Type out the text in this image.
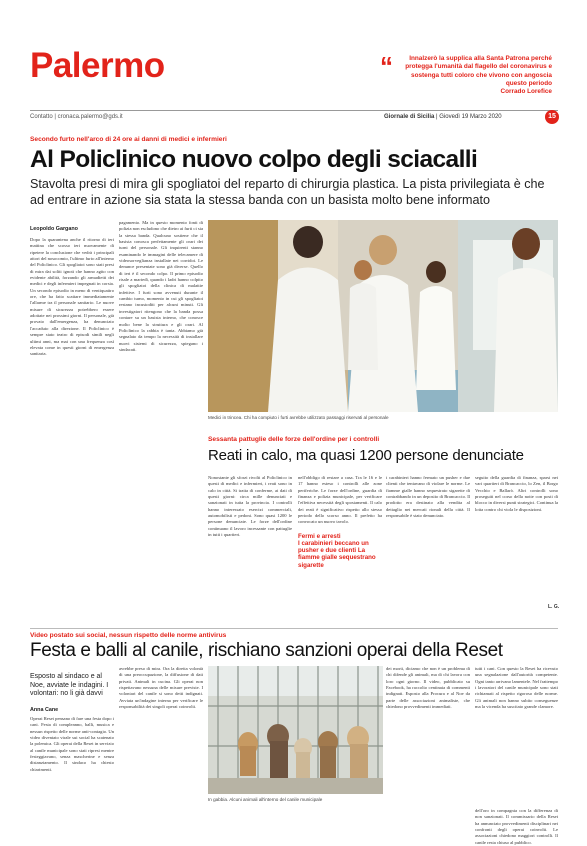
Palermo	“	Innalzerò la supplica alla Santa Patrona perché protegga l'umanità dal flagello del coronavirus e sostenga tutti coloro che vivono con angoscia questo periodo
Corrado Lorefice
Contatto | cronaca.palermo@gds.it	Giornale di Sicilia | Giovedì 19 Marzo 2020	15
Secondo furto nell'arco di 24 ore ai danni di medici e infermieri
Al Policlinico nuovo colpo degli sciacalli
Stavolta presi di mira gli spogliatoi del reparto di chirurgia plastica. La pista privilegiata è che ad entrare in azione sia stata la stessa banda con un basista molto bene informato
Leopoldo Gargano
Dopo la quarantena anche il ritorno di ieri mattina che scosso ieri nuovamente di ripetere la conclusione che vedrà i principali attori del nosocomio, l'ultimo furto all'interno del Policlinico. Gli spogliatoi sono stati presi di mira dai soliti ignoti che hanno agito con evidente abilità, forzando gli armadietti dei medici e degli infermieri impegnati in corsia. Un secondo episodio in meno di ventiquattro ore, che ha fatto scattare immediatamente l'allarme tra il personale sanitario. Le nuove misure di sicurezza potrebbero essere adottate nei prossimi giorni. Il personale, già provato dall'emergenza, ha denunciato l'accaduto alla direzione. Il Policlinico è sempre stato teatro di episodi simili negli ultimi anni, ma mai con una frequenza così elevata come in questi giorni di emergenza sanitaria.
pagamento. Ma in questo momento fonti di polizia non escludono che dietro ai furti ci sia la stessa banda. Qualcuno sostiene che il basista conosca perfettamente gli orari dei turni del personale. Gli inquirenti stanno esaminando le immagini delle telecamere di videosorveglianza installate nei corridoi. Le denunce presentate sono già diverse. Quello di ieri è il secondo colpo. Il primo episodio risale a martedì, quando i ladri hanno colpito gli spogliatoi della clinica di malattie infettive. I furti sono avvenuti durante il cambio turno, momento in cui gli spogliatoi restano incustoditi per alcuni minuti. Gli investigatori ritengono che la banda possa contare su un basista interno, che conosce molto bene la struttura e gli orari. Al Policlinico la rabbia è tanta. Abbiamo già segnalato da tempo la necessità di installare nuovi sistemi di sicurezza, spiegano i sindacati.
Medici in trincea. Chi ha compiuto i furti avrebbe utilizzato passaggi riservati al personale
Sessanta pattuglie delle forze dell'ordine per i controlli
Reati in calo, ma quasi 1200 persone denunciate
Nonostante gli sforzi rivolti al Policlinico in questi di medici e infermieri, i reati sono in calo in città. Si tratta di conferme, ai dati di questi giorni: circa mille denunciati e sanzionati in tutta la provincia. I controlli hanno interessato esercizi commerciali, automobilisti e pedoni. Sono quasi 1200 le persone denunciate. Le forze dell'ordine continuano il lavoro incessante con pattuglie in tutti i quartieri.
nell'obbligo di restare a casa. Tra le 16 e le 17 hanno esteso i controlli alle zone periferiche. Le forze dell'ordine, guardia di finanza e polizia municipale, per verificare l'effettiva necessità degli spostamenti. Il calo dei reati è significativo rispetto allo stesso periodo dello scorso anno. Il prefetto ha convocato un nuovo tavolo.
Fermi e arresti
I carabinieri beccano un pusher e due clienti La fiamme gialle sequestrano sigarette
i carabinieri hanno fermato un pusher e due clienti che tentavano di violare le norme. Le fiamme gialle hanno sequestrato sigarette di contrabbando in un deposito di Brancaccio. Il prodotto era destinato alla vendita al dettaglio nei mercati rionali della città. Il responsabile è stato denunciato.
seguito della guardia di finanza, sparsi nei vari quartieri di Brancaccio, lo Zen, il Borgo Vecchio e Ballarò. Altri controlli sono proseguiti nel corso della notte con posti di blocco in diversi punti strategici. Continua la lotta contro chi viola le disposizioni.
L. G.
Video postato sui social, nessun rispetto delle norme antivirus
Festa e balli al canile, rischiano sanzioni operai della Reset
Esposto al sindaco e al Noe, avviate le indagini. I volontari: no li già davvi
Anna Cane
Operai Reset pensano di fare una festa dopo i cani. Festa di compleanno, balli, musica e nessun rispetto delle norme anti-contagio. Un video diventato virale sui social ha scatenato la polemica. Gli operai della Reset in servizio al canile municipale sono stati ripresi mentre festeggiavano, senza mascherine e senza distanziamento. Il sindaco ha chiesto chiarimenti.
avrebbe preso di mira. Ora la diretta volontà di una preoccupazione, la diffusione di dati privati. Animali in cucina. Gli operai non rispettavano nessuna delle misure previste. I volontari del canile si sono detti indignati. Avviata un'indagine interna per verificare le responsabilità dei singoli operai coinvolti.
In gabbia. Alcuni animali all'interno del canile municipale
dei morti, diciamo che non è un problema di chi difende gli animali, ma di chi lavora con loro ogni giorno. Il video, pubblicato su Facebook, ha raccolto centinaia di commenti indignati. Esposto alla Procura e al Noe da parte delle associazioni animaliste, che chiedono provvedimenti immediati.
tutti i cani. Con questo la Reset ha ricevuto una segnalazione dall'autorità competente. Ogni tanto arrivano lamentele. Nel frattempo i lavoratori del canile municipale sono stati richiamati al rispetto rigoroso delle norme. Gli animali non hanno subito conseguenze ma la vicenda ha suscitato grande clamore.
dell'oro in compagnia con la differenza di non sanzionati. Il commissario della Reset ha annunciato provvedimenti disciplinari nei confronti degli operai coinvolti. Le associazioni chiedono maggiori controlli. Il canile resta chiuso al pubblico.
